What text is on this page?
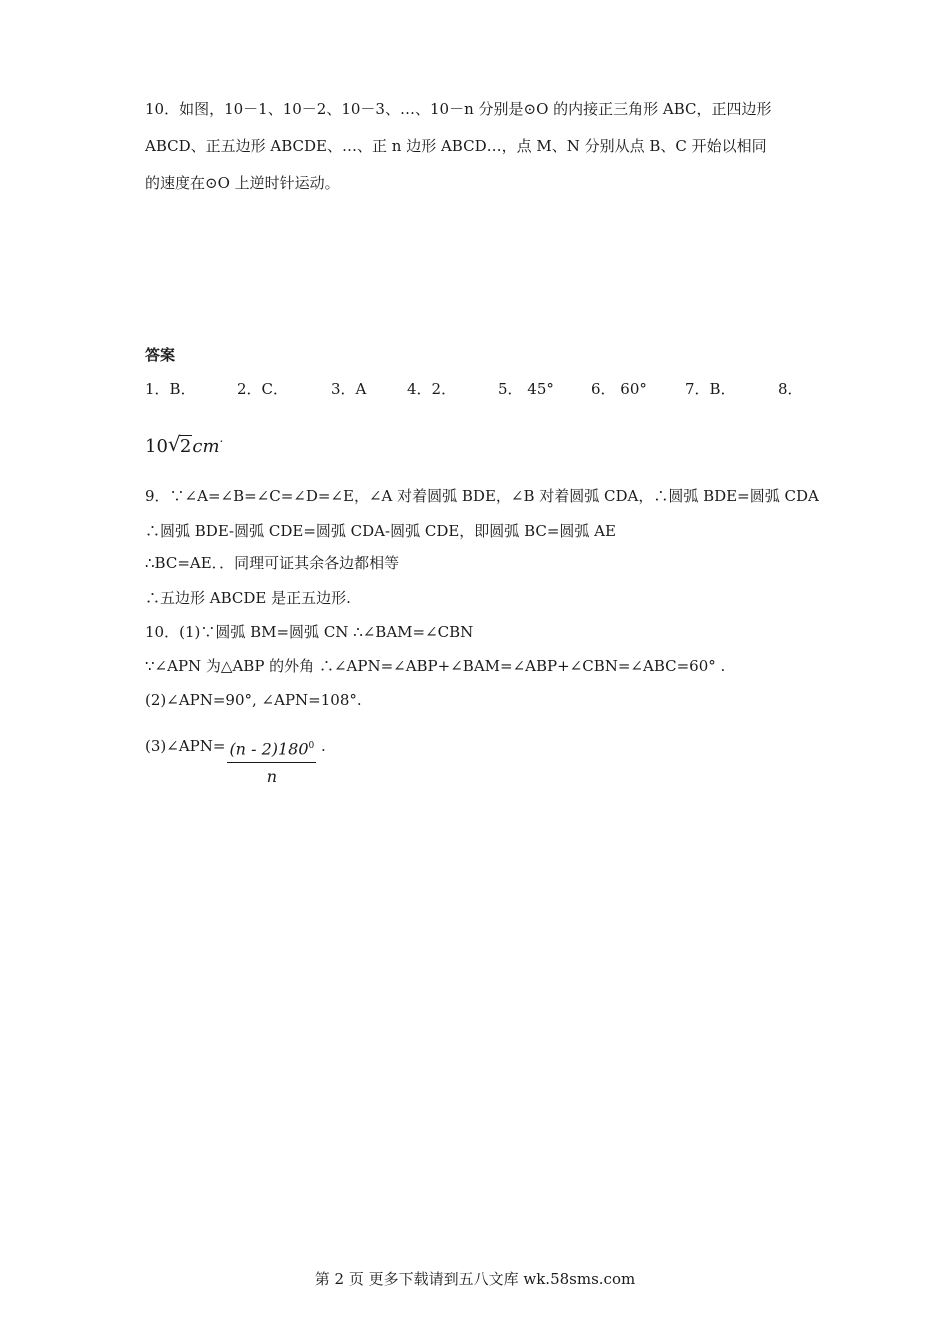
10．如图，10－1、10－2、10－3、…、10－n 分别是⊙O 的内接正三角形 ABC，正四边形
ABCD、正五边形 ABCDE、…、正 n 边形 ABCD…，点 M、N 分别从点 B、C 开始以相同
的速度在⊙O 上逆时针运动。
答案
1．B．	2．C．	3．A	4．2．	5． 45° 6． 60°	7．B．	8．
10 √ 2cm.
9．∵∠A=∠B=∠C=∠D=∠E，∠A 对着圆弧 BDE，∠B 对着圆弧 CDA，∴圆弧 BDE=圆弧 CDA
∴圆弧 BDE-圆弧 CDE=圆弧 CDA-圆弧 CDE，即圆弧 BC=圆弧 AE
∴BC=AE．．同理可证其余各边都相等
∴五边形 ABCDE 是正五边形.
10．(1)∵圆弧 BM=圆弧 CN ∴∠BAM=∠CBN
∵∠APN 为△ABP 的外角 ∴∠APN=∠ABP+∠BAM=∠ABP+∠CBN=∠ABC=60° .
(2)∠APN=90°, ∠APN=108°.
(3)∠APN= $\frac{(n - 2)180^0}{n}$ .
第 2 页 更多下载请到五八文库 wk.58sms.com
